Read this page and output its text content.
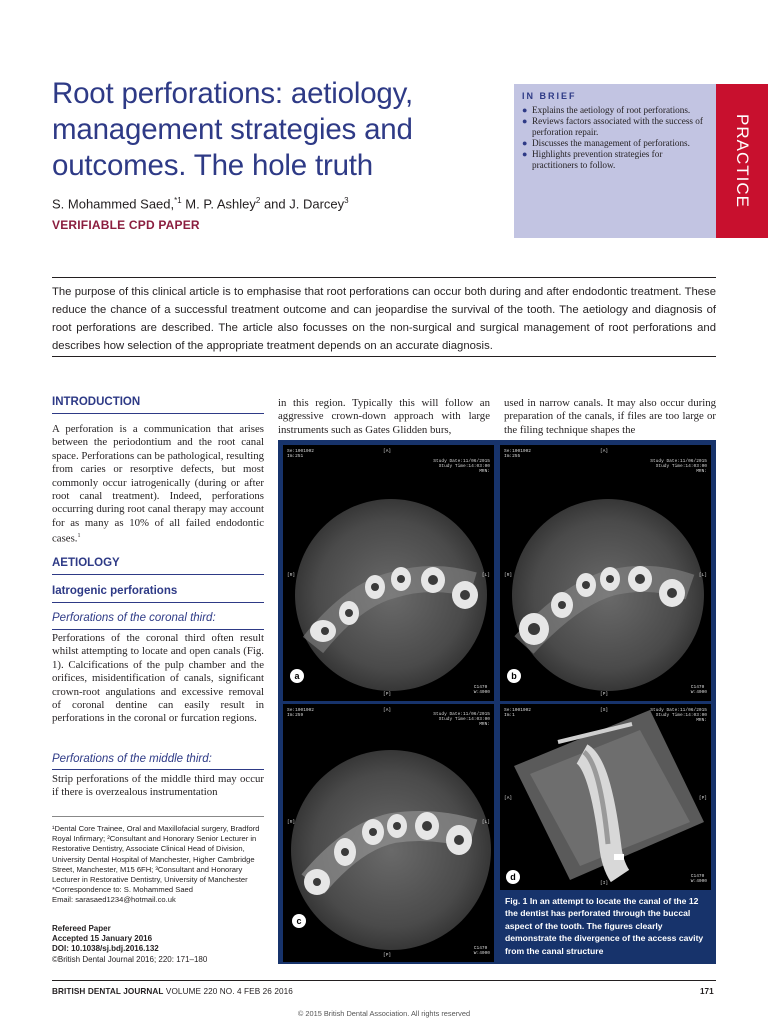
Root perforations: aetiology, management strategies and outcomes. The hole truth
S. Mohammed Saed,$^{*1}$ M. P. Ashley$^2$ and J. Darcey$^3$
VERIFIABLE CPD PAPER
IN BRIEF
● Explains the aetiology of root perforations.
● Reviews factors associated with the success of perforation repair.
● Discusses the management of perforations.
● Highlights prevention strategies for practitioners to follow.	PRACTICE

The purpose of this clinical article is to emphasise that root perforations can occur both during and after endodontic treatment. These reduce the chance of a successful treatment outcome and can jeopardise the survival of the tooth. The aetiology and diagnosis of root perforations are described. The article also focusses on the non-surgical and surgical management of root perforations and describes how selection of the appropriate treatment depends on an accurate diagnosis.

INTRODUCTION

A perforation is a communication that arises between the periodontium and the root canal space. Perforations can be pathological, resulting from caries or resorptive defects, but most commonly occur iatrogenically (during or after root canal treatment). Indeed, perforations occurring during root canal therapy may account for as many as 10% of all failed endodontic cases.$^1$

AETIOLOGY
Iatrogenic perforations
Perforations of the coronal third:

Perforations of the coronal third often result whilst attempting to locate and open canals (Fig. 1). Calcifications of the pulp chamber and the orifices, misidentification of canals, significant crown-root angulations and excessive removal of coronal dentine can easily result in perforations in the coronal or furcation regions.

Perforations of the middle third:

Strip perforations of the middle third may occur if there is overzealous instrumentation

¹Dental Core Trainee, Oral and Maxillofacial surgery, Bradford Royal Infirmary; ²Consultant and Honorary Senior Lecturer in Restorative Dentistry, Associate Clinical Head of Division, University Dental Hospital of Manchester, Higher Cambridge Street, Manchester, M15 6FH; ³Consultant and Honorary Lecturer in Restorative Dentistry, University of Manchester
*Correspondence to: S. Mohammed Saed
Email: sarasaed1234@hotmail.co.uk

Refereed Paper
Accepted 15 January 2016
DOI: 10.1038/sj.bdj.2016.132
©British Dental Journal 2016; 220: 171–180

in this region. Typically this will follow an aggressive crown-down approach with large instruments such as Gates Glidden burs,

used in narrow canals. It may also occur during preparation of the canals, if files are too large or the filing technique shapes the

Se:1001002
Im:251
Study Date:11/06/2015
Study Time:14:03:00
MRN:
[A]
[R]	[L]
[P]
C1470
W:4000
a
Se:1001002
Im:255
Study Date:11/06/2015
Study Time:14:03:00
MRN:
[A]
[R]	[L]
[P]
C1470
W:4000
b
Se:1001002
Im:259	Study Date:11/06/2015
Study Time:14:03:00
MRN:
[A]
[R]	[L]
[P]
C1470
W:4000
c
Se:1001002
Im:1
Study Date:11/06/2015
Study Time:14:03:00
MRN:
[S]
[A]	[P]
[I]
C1470
W:4000
d

Fig. 1 In an attempt to locate the canal of the 12 the dentist has perforated through the buccal aspect of the tooth. The figures clearly demonstrate the divergence of the access cavity from the canal structure

BRITISH DENTAL JOURNAL VOLUME 220 NO. 4 FEB 26 2016	171
© 2015 British Dental Association. All rights reserved
